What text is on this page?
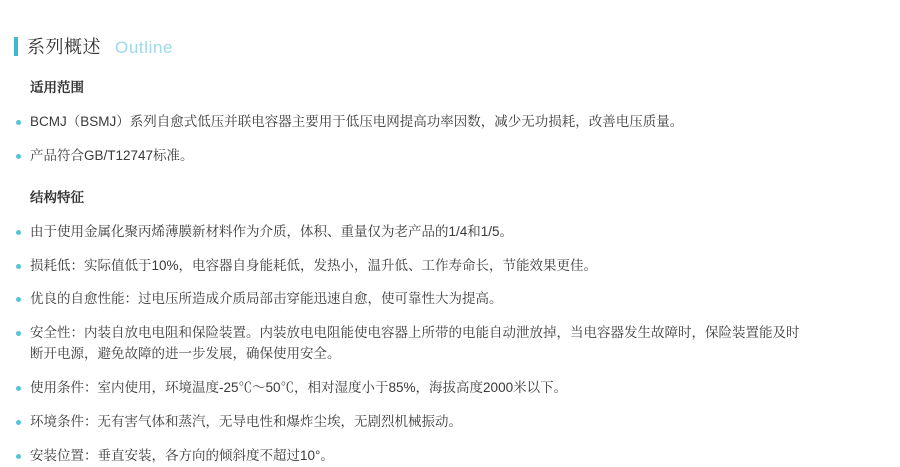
系列概述 Outline
适用范围
BCMJ（BSMJ）系列自愈式低压并联电容器主要用于低压电网提高功率因数，减少无功损耗，改善电压质量。
产品符合GB/T12747标准。
结构特征
由于使用金属化聚丙烯薄膜新材料作为介质，体积、重量仅为老产品的1/4和1/5。
损耗低：实际值低于10%，电容器自身能耗低，发热小，温升低、工作寿命长，节能效果更佳。
优良的自愈性能：过电压所造成介质局部击穿能迅速自愈，使可靠性大为提高。
安全性：内装自放电电阻和保险装置。内装放电电阻能使电容器上所带的电能自动泄放掉，当电容器发生故障时，保险装置能及时
断开电源，避免故障的进一步发展，确保使用安全。
使用条件：室内使用，环境温度-25℃～50℃，相对湿度小于85%，海拔高度2000米以下。
环境条件：无有害气体和蒸汽，无导电性和爆炸尘埃，无剧烈机械振动。
安装位置：垂直安装，各方向的倾斜度不超过10°。
